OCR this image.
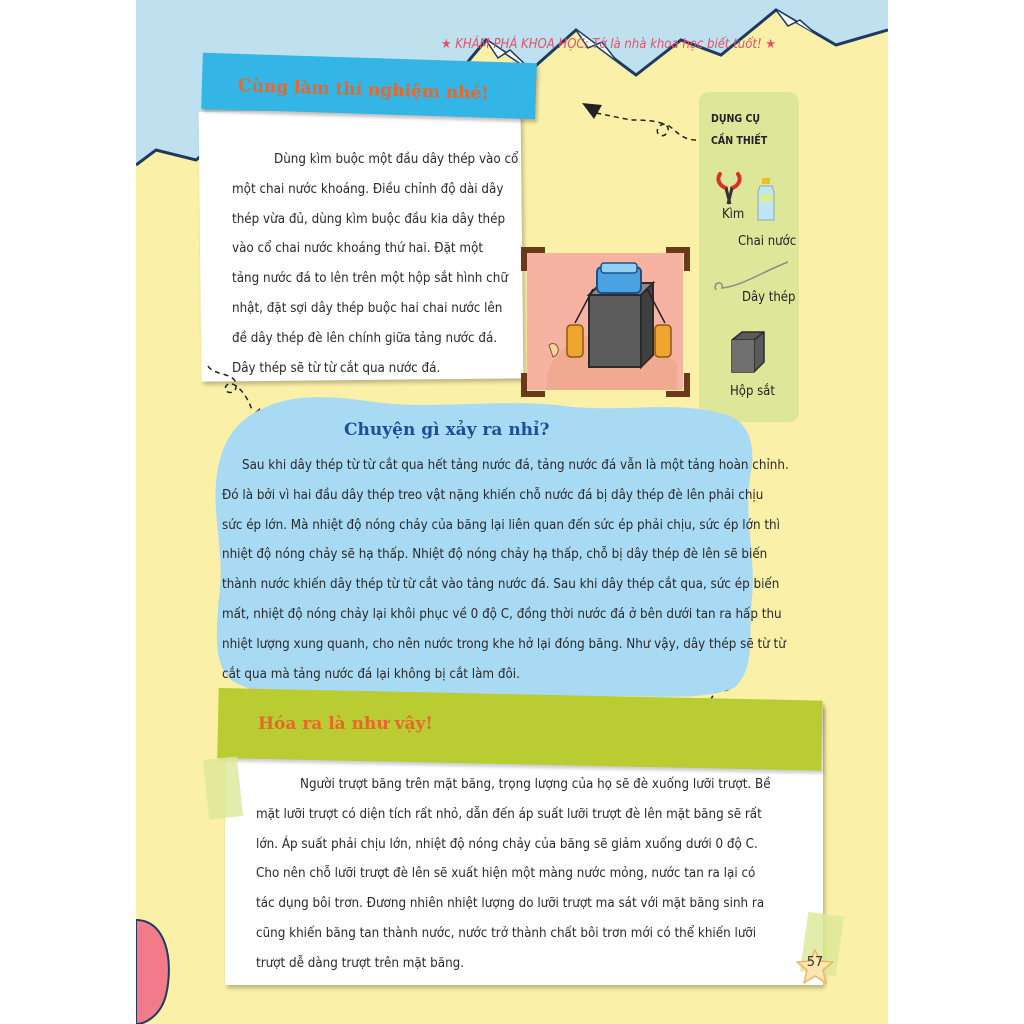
★ KHÁM PHÁ KHOA HỌC: Tớ là nhà khoa học biết tuốt! ★
Cùng làm thí nghiệm nhé!
Dùng kìm buộc một đầu dây thép vào cổ
một chai nước khoáng. Điều chỉnh độ dài dây
thép vừa đủ, dùng kìm buộc đầu kia dây thép
vào cổ chai nước khoáng thứ hai. Đặt một
tảng nước đá to lên trên một hộp sắt hình chữ
nhật, đặt sợi dây thép buộc hai chai nước lên
đề dây thép đè lên chính giữa tảng nước đá.
Dây thép sẽ từ từ cắt qua nước đá.
DỤNG CỤ
CẦN THIẾT
Kìm
Chai nước
Dây thép
Hộp sắt
Chuyện gì xảy ra nhỉ?
Sau khi dây thép từ từ cắt qua hết tảng nước đá, tảng nước đá vẫn là một tảng hoàn chỉnh.
Đó là bởi vì hai đầu dây thép treo vật nặng khiến chỗ nước đá bị dây thép đè lên phải chịu
sức ép lớn. Mà nhiệt độ nóng chảy của băng lại liên quan đến sức ép phải chịu, sức ép lớn thì
nhiệt độ nóng chảy sẽ hạ thấp. Nhiệt độ nóng chảy hạ thấp, chỗ bị dây thép đè lên sẽ biến
thành nước khiến dây thép từ từ cắt vào tảng nước đá. Sau khi dây thép cắt qua, sức ép biến
mất, nhiệt độ nóng chảy lại khôi phục về 0 độ C, đồng thời nước đá ở bên dưới tan ra hấp thu
nhiệt lượng xung quanh, cho nên nước trong khe hở lại đóng băng. Như vậy, dây thép sẽ từ từ
cắt qua mà tảng nước đá lại không bị cắt làm đôi.
Hóa ra là như vậy!
Người trượt băng trên mặt băng, trọng lượng của họ sẽ đè xuống lưỡi trượt. Bề
mặt lưỡi trượt có diện tích rất nhỏ, dẫn đến áp suất lưỡi trượt đè lên mặt băng sẽ rất
lớn. Áp suất phải chịu lớn, nhiệt độ nóng chảy của băng sẽ giảm xuống dưới 0 độ C.
Cho nên chỗ lưỡi trượt đè lên sẽ xuất hiện một màng nước mỏng, nước tan ra lại có
tác dụng bôi trơn. Đương nhiên nhiệt lượng do lưỡi trượt ma sát với mặt băng sinh ra
cũng khiến băng tan thành nước, nước trở thành chất bôi trơn mới có thể khiến lưỡi
trượt dễ dàng trượt trên mặt băng.	57
